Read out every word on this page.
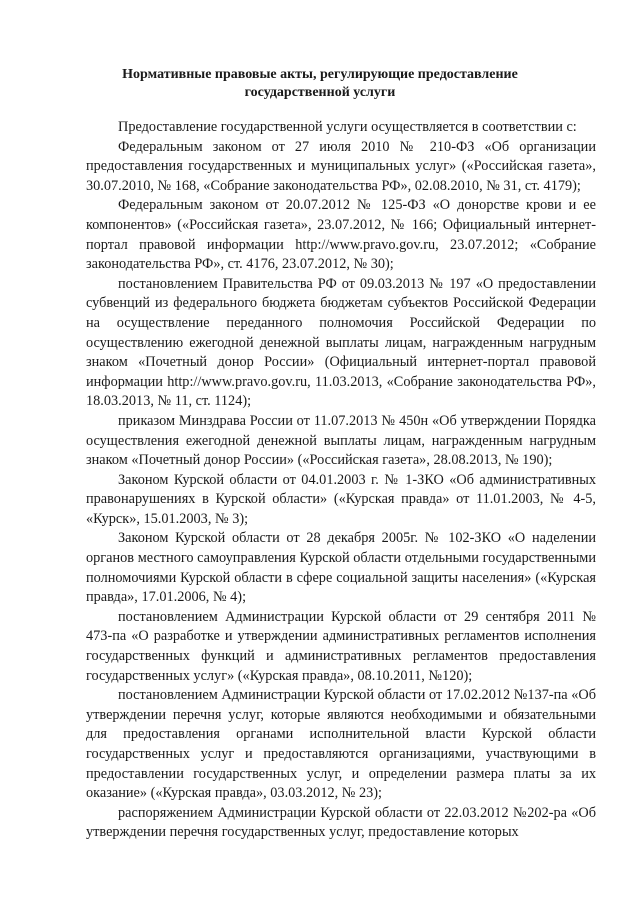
Нормативные правовые акты, регулирующие предоставление
государственной услуги

Предоставление государственной услуги осуществляется в соответствии с:

Федеральным законом от 27 июля 2010 № 210-ФЗ «Об организации предоставления государственных и муниципальных услуг» («Российская газета», 30.07.2010, № 168, «Собрание законодательства РФ», 02.08.2010, № 31, ст. 4179);

Федеральным законом от 20.07.2012 № 125-ФЗ «О донорстве крови и ее компонентов» («Российская газета», 23.07.2012, № 166; Официальный интернет-портал правовой информации http://www.pravo.gov.ru, 23.07.2012; «Собрание законодательства РФ», ст. 4176, 23.07.2012, № 30);

постановлением Правительства РФ от 09.03.2013 № 197 «О предоставлении субвенций из федерального бюджета бюджетам субъектов Российской Федерации на осуществление переданного полномочия Российской Федерации по осуществлению ежегодной денежной выплаты лицам, награжденным нагрудным знаком «Почетный донор России» (Официальный интернет-портал правовой информации http://www.pravo.gov.ru, 11.03.2013, «Собрание законодательства РФ», 18.03.2013, № 11, ст. 1124);

приказом Минздрава России от 11.07.2013 № 450н «Об утверждении Порядка осуществления ежегодной денежной выплаты лицам, награжденным нагрудным знаком «Почетный донор России» («Российская газета», 28.08.2013, № 190);

Законом Курской области от 04.01.2003 г. № 1-ЗКО «Об административных правонарушениях в Курской области» («Курская правда» от 11.01.2003, № 4-5, «Курск», 15.01.2003, № 3);

Законом Курской области от 28 декабря 2005г. № 102-ЗКО «О наделении органов местного самоуправления Курской области отдельными государственными полномочиями Курской области в сфере социальной защиты населения» («Курская правда», 17.01.2006, № 4);

постановлением Администрации Курской области от 29 сентября 2011 № 473-па «О разработке и утверждении административных регламентов исполнения государственных функций и административных регламентов предоставления государственных услуг» («Курская правда», 08.10.2011, №120);

постановлением Администрации Курской области от 17.02.2012 №137-па «Об утверждении перечня услуг, которые являются необходимыми и обязательными для предоставления органами исполнительной власти Курской области государственных услуг и предоставляются организациями, участвующими в предоставлении государственных услуг, и определении размера платы за их оказание» («Курская правда», 03.03.2012, № 23);

распоряжением Администрации Курской области от 22.03.2012 №202-ра «Об утверждении перечня государственных услуг, предоставление которых
